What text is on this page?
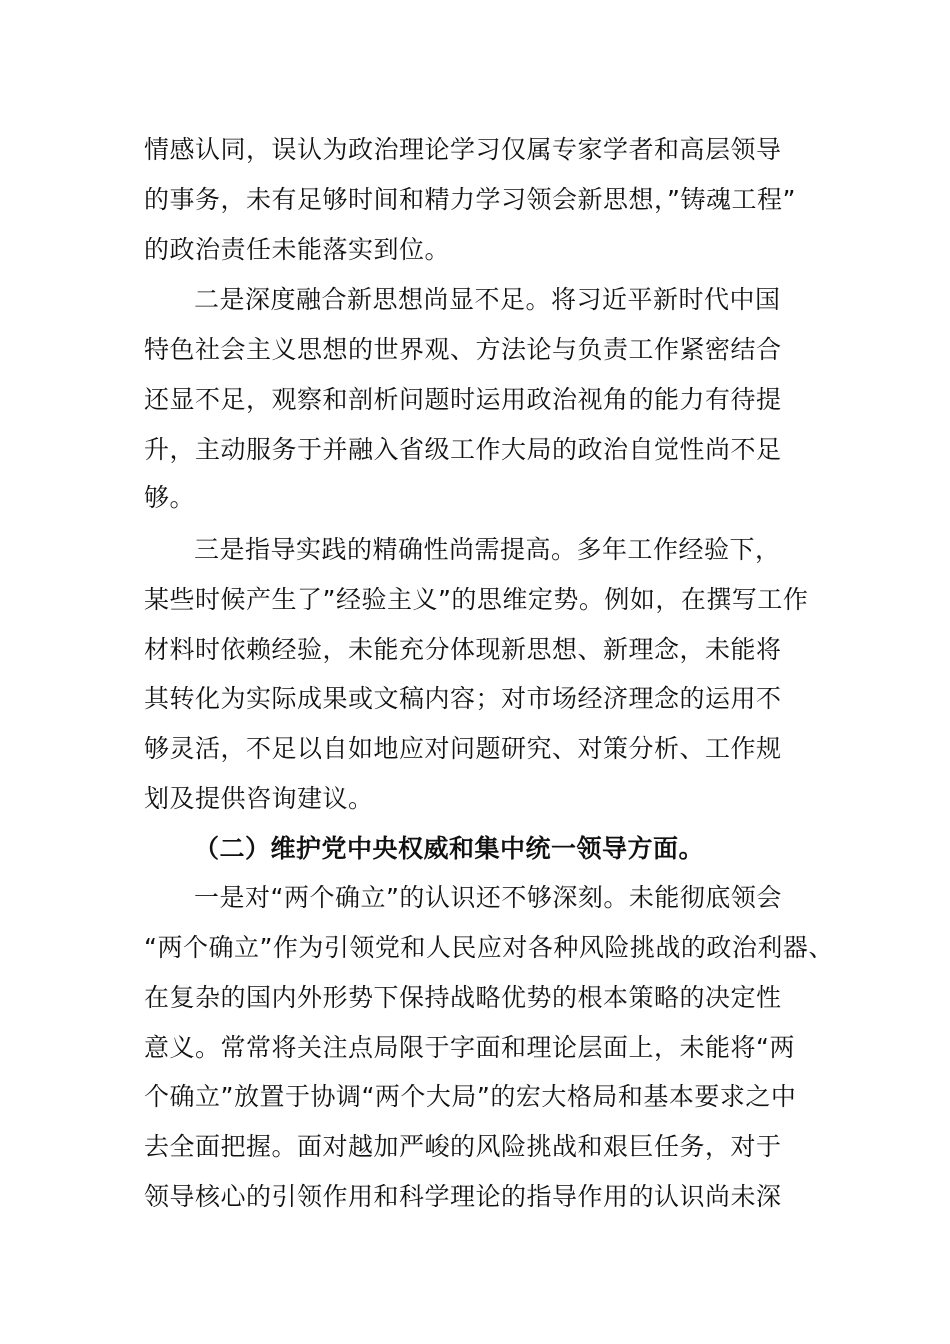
情感认同，误认为政治理论学习仅属专家学者和高层领导
的事务，未有足够时间和精力学习领会新思想，”铸魂工程”
的政治责任未能落实到位。
二是深度融合新思想尚显不足。将习近平新时代中国
特色社会主义思想的世界观、方法论与负责工作紧密结合
还显不足，观察和剖析问题时运用政治视角的能力有待提
升，主动服务于并融入省级工作大局的政治自觉性尚不足
够。
三是指导实践的精确性尚需提高。多年工作经验下，
某些时候产生了”经验主义”的思维定势。例如，在撰写工作
材料时依赖经验，未能充分体现新思想、新理念，未能将
其转化为实际成果或文稿内容；对市场经济理念的运用不
够灵活，不足以自如地应对问题研究、对策分析、工作规
划及提供咨询建议。
（二）维护党中央权威和集中统一领导方面。
一是对“两个确立”的认识还不够深刻。未能彻底领会
“两个确立”作为引领党和人民应对各种风险挑战的政治利器、
在复杂的国内外形势下保持战略优势的根本策略的决定性
意义。常常将关注点局限于字面和理论层面上，未能将“两
个确立”放置于协调“两个大局”的宏大格局和基本要求之中
去全面把握。面对越加严峻的风险挑战和艰巨任务，对于
领导核心的引领作用和科学理论的指导作用的认识尚未深
